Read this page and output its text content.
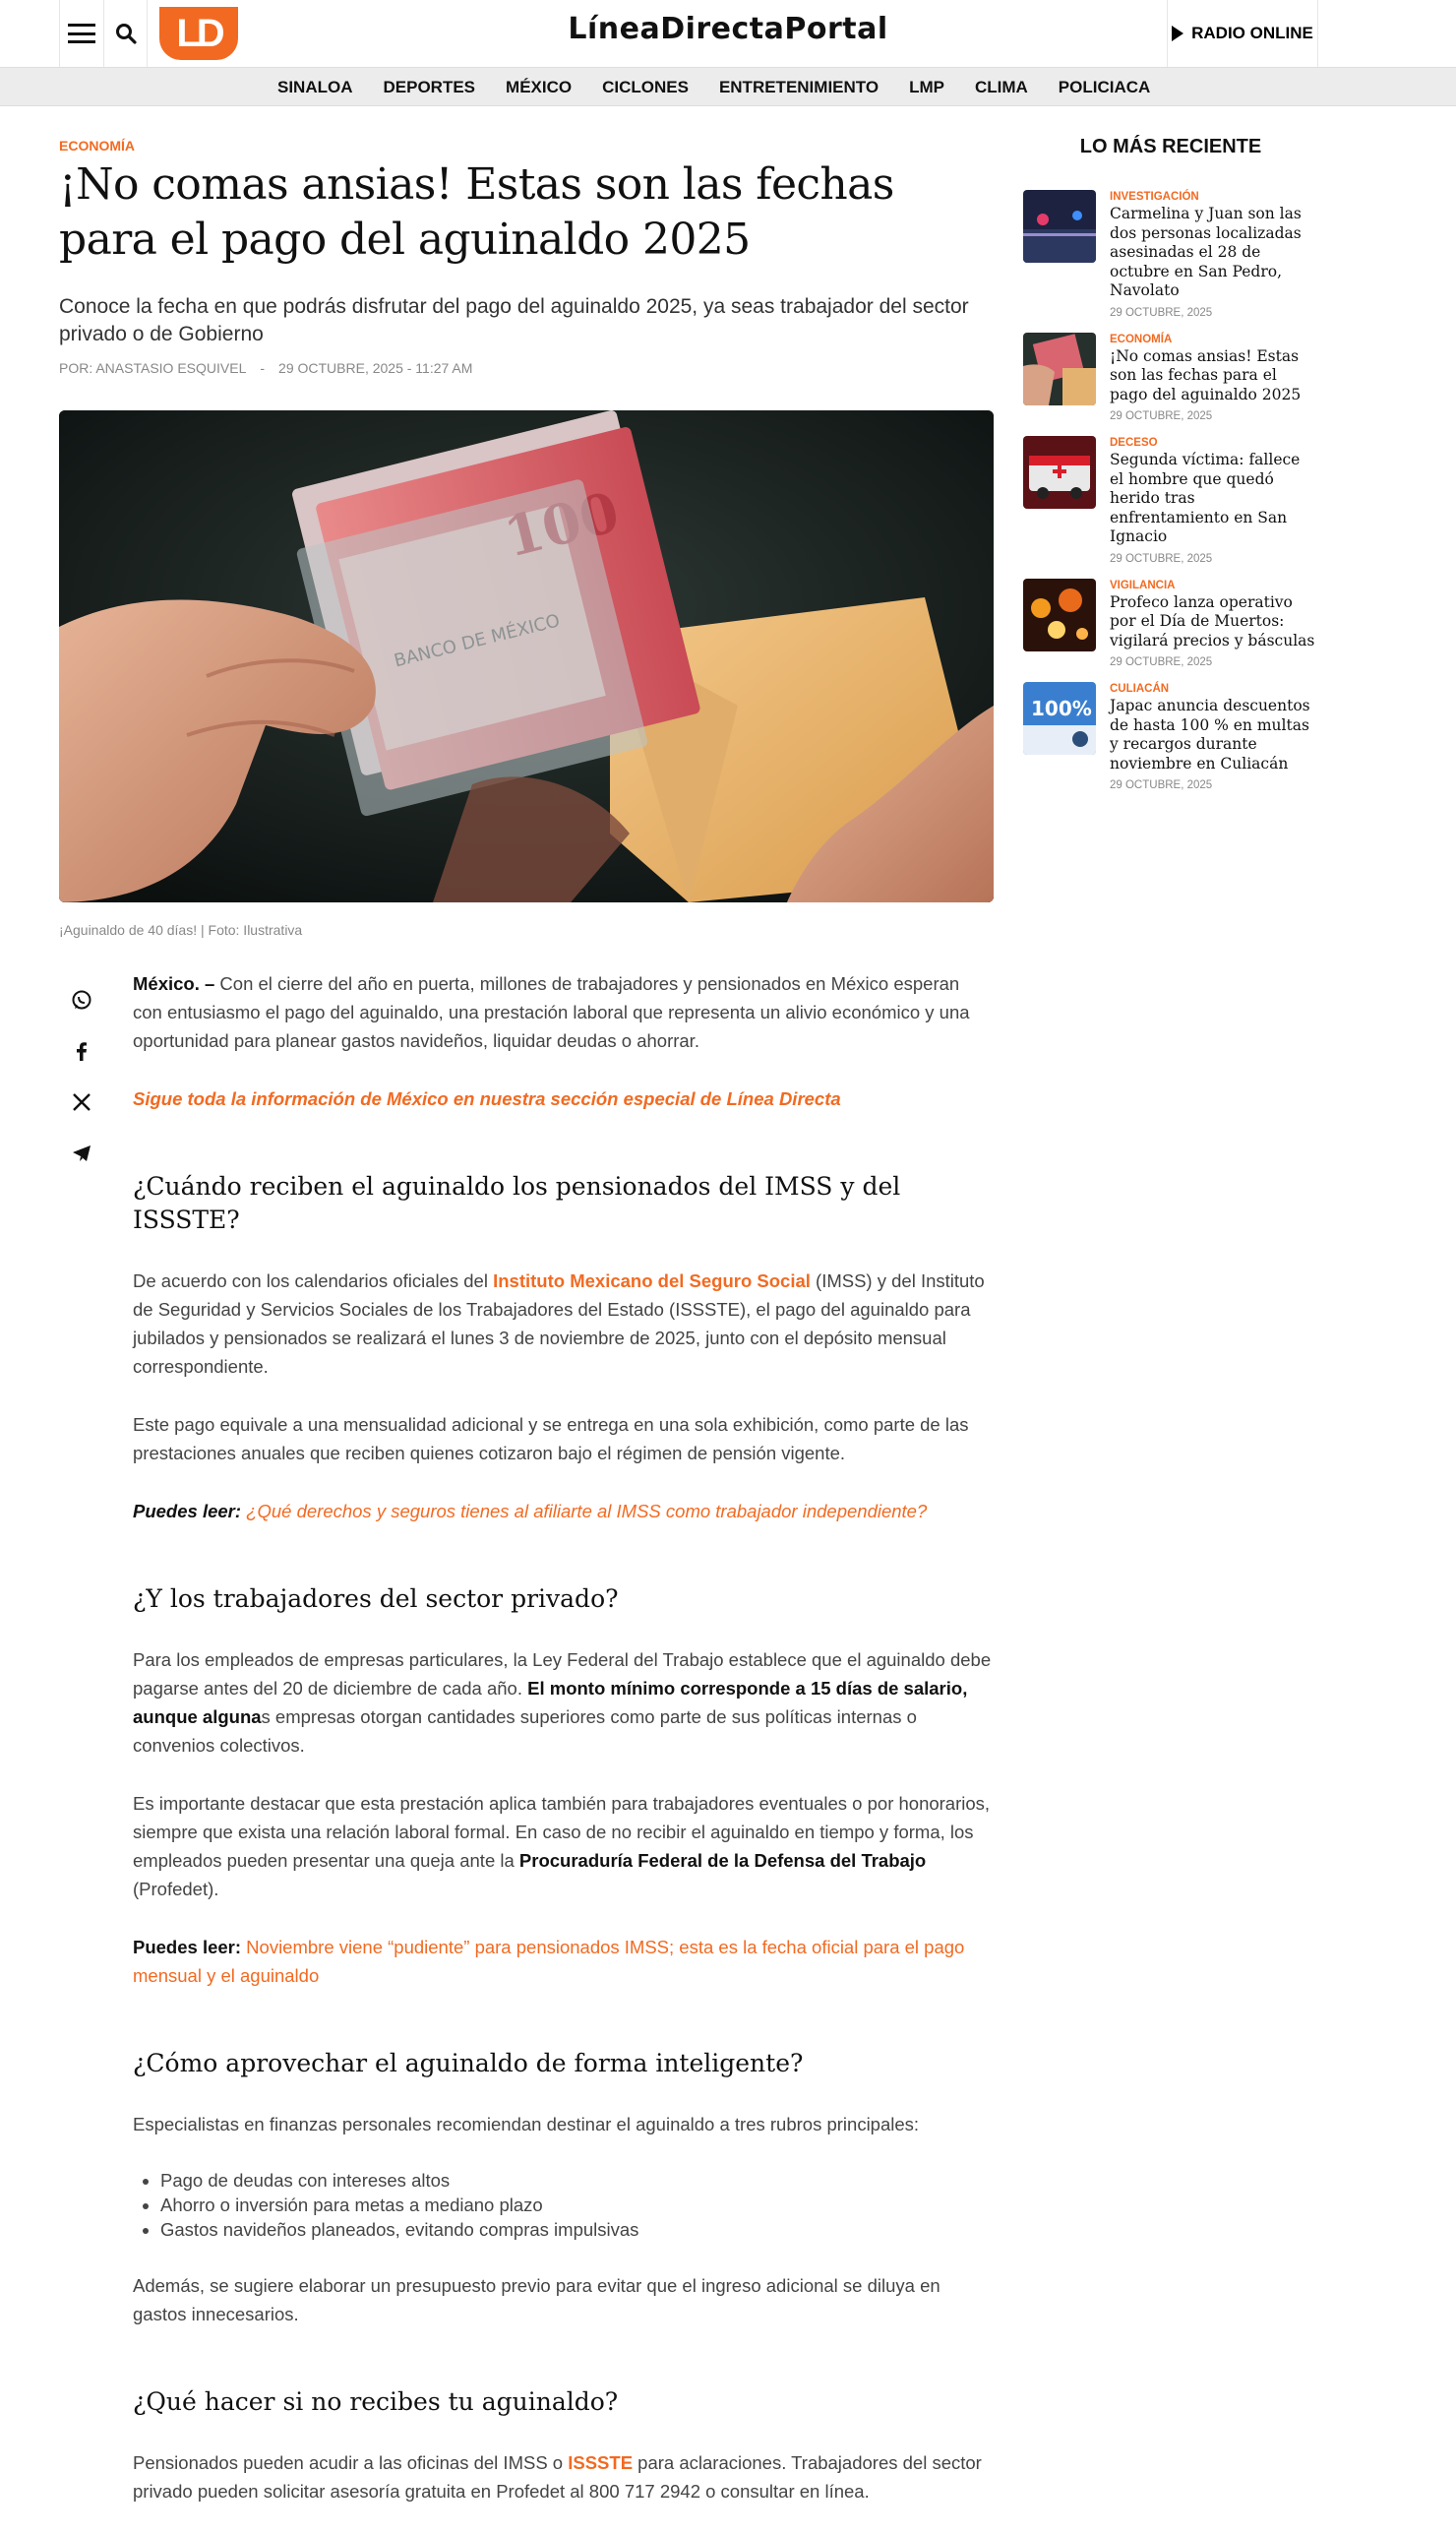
LíneaDirectaPortal
LD	RADIO ONLINE
SINALOA DEPORTES MÉXICO CICLONES ENTRETENIMIENTO LMP CLIMA POLICIACA
ECONOMÍA
¡No comas ansias! Estas son las fechas para el pago del aguinaldo 2025
Conoce la fecha en que podrás disfrutar del pago del aguinaldo 2025, ya seas trabajador del sector privado o de Gobierno
POR: ANASTASIO ESQUIVEL - 29 OCTUBRE, 2025 - 11:27 AM
¡Aguinaldo de 40 días! | Foto: Ilustrativa

México. – Con el cierre del año en puerta, millones de trabajadores y pensionados en México esperan con entusiasmo el pago del aguinaldo, una prestación laboral que representa un alivio económico y una oportunidad para planear gastos navideños, liquidar deudas o ahorrar.

Sigue toda la información de México en nuestra sección especial de Línea Directa

¿Cuándo reciben el aguinaldo los pensionados del IMSS y del ISSSTE?

De acuerdo con los calendarios oficiales del Instituto Mexicano del Seguro Social (IMSS) y del Instituto de Seguridad y Servicios Sociales de los Trabajadores del Estado (ISSSTE), el pago del aguinaldo para jubilados y pensionados se realizará el lunes 3 de noviembre de 2025, junto con el depósito mensual correspondiente.

Este pago equivale a una mensualidad adicional y se entrega en una sola exhibición, como parte de las prestaciones anuales que reciben quienes cotizaron bajo el régimen de pensión vigente.

Puedes leer: ¿Qué derechos y seguros tienes al afiliarte al IMSS como trabajador independiente?

¿Y los trabajadores del sector privado?

Para los empleados de empresas particulares, la Ley Federal del Trabajo establece que el aguinaldo debe pagarse antes del 20 de diciembre de cada año. El monto mínimo corresponde a 15 días de salario, aunque algunas empresas otorgan cantidades superiores como parte de sus políticas internas o convenios colectivos.

Es importante destacar que esta prestación aplica también para trabajadores eventuales o por honorarios, siempre que exista una relación laboral formal. En caso de no recibir el aguinaldo en tiempo y forma, los empleados pueden presentar una queja ante la Procuraduría Federal de la Defensa del Trabajo (Profedet).

Puedes leer: Noviembre viene “pudiente” para pensionados IMSS; esta es la fecha oficial para el pago mensual y el aguinaldo

¿Cómo aprovechar el aguinaldo de forma inteligente?

Especialistas en finanzas personales recomiendan destinar el aguinaldo a tres rubros principales:

• Pago de deudas con intereses altos
• Ahorro o inversión para metas a mediano plazo
• Gastos navideños planeados, evitando compras impulsivas

Además, se sugiere elaborar un presupuesto previo para evitar que el ingreso adicional se diluya en gastos innecesarios.

¿Qué hacer si no recibes tu aguinaldo?

Pensionados pueden acudir a las oficinas del IMSS o ISSSTE para aclaraciones. Trabajadores del sector privado pueden solicitar asesoría gratuita en Profedet al 800 717 2942 o consultar en línea.

LO MÁS RECIENTE
INVESTIGACIÓN
Carmelina y Juan son las dos personas localizadas asesinadas el 28 de octubre en San Pedro, Navolato
29 OCTUBRE, 2025
ECONOMÍA
¡No comas ansias! Estas son las fechas para el pago del aguinaldo 2025
29 OCTUBRE, 2025
DECESO
Segunda víctima: fallece el hombre que quedó herido tras enfrentamiento en San Ignacio
29 OCTUBRE, 2025
VIGILANCIA
Profeco lanza operativo por el Día de Muertos: vigilará precios y básculas
29 OCTUBRE, 2025
100%
CULIACÁN
Japac anuncia descuentos de hasta 100 % en multas y recargos durante noviembre en Culiacán
29 OCTUBRE, 2025
